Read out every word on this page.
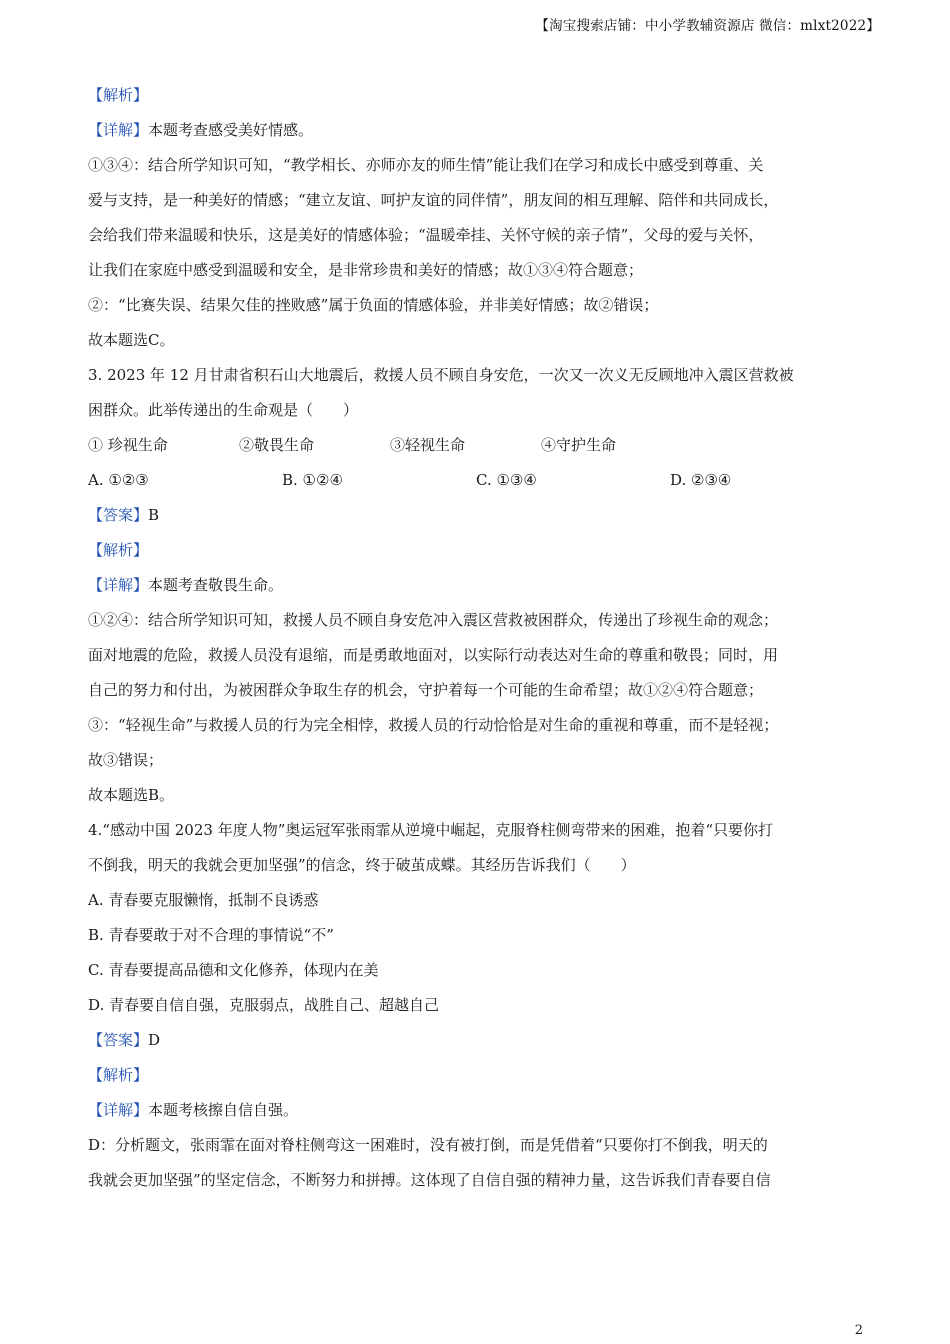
【淘宝搜索店铺：中小学教辅资源店 微信：mlxt2022】
【解析】
【详解】本题考查感受美好情感。
①③④：结合所学知识可知，“教学相长、亦师亦友的师生情”能让我们在学习和成长中感受到尊重、关
爱与支持，是一种美好的情感；“建立友谊、呵护友谊的同伴情”，朋友间的相互理解、陪伴和共同成长，
会给我们带来温暖和快乐，这是美好的情感体验；“温暖牵挂、关怀守候的亲子情”，父母的爱与关怀，
让我们在家庭中感受到温暖和安全，是非常珍贵和美好的情感；故①③④符合题意；
②：“比赛失误、结果欠佳的挫败感”属于负面的情感体验，并非美好情感；故②错误；
故本题选C。
3. 2023 年 12 月甘肃省积石山大地震后，救援人员不顾自身安危，一次又一次义无反顾地冲入震区营救被
困群众。此举传递出的生命观是（　　）
① 珍视生命	②敬畏生命	③轻视生命	④守护生命
A. ①②③	B. ①②④	C. ①③④	D. ②③④
【答案】B
【解析】
【详解】本题考查敬畏生命。
①②④：结合所学知识可知，救援人员不顾自身安危冲入震区营救被困群众，传递出了珍视生命的观念；
面对地震的危险，救援人员没有退缩，而是勇敢地面对，以实际行动表达对生命的尊重和敬畏；同时，用
自己的努力和付出，为被困群众争取生存的机会，守护着每一个可能的生命希望；故①②④符合题意；
③：“轻视生命”与救援人员的行为完全相悖，救援人员的行动恰恰是对生命的重视和尊重，而不是轻视；
故③错误；
故本题选B。
4.“感动中国 2023 年度人物”奥运冠军张雨霏从逆境中崛起，克服脊柱侧弯带来的困难，抱着“只要你打
不倒我，明天的我就会更加坚强”的信念，终于破茧成蝶。其经历告诉我们（　　）
A. 青春要克服懒惰，抵制不良诱惑
B. 青春要敢于对不合理的事情说“不”
C. 青春要提高品德和文化修养，体现内在美
D. 青春要自信自强，克服弱点，战胜自己、超越自己
【答案】D
【解析】
【详解】本题考核擦自信自强。
D：分析题文，张雨霏在面对脊柱侧弯这一困难时，没有被打倒，而是凭借着“只要你打不倒我，明天的
我就会更加坚强”的坚定信念，不断努力和拼搏。这体现了自信自强的精神力量，这告诉我们青春要自信
2
